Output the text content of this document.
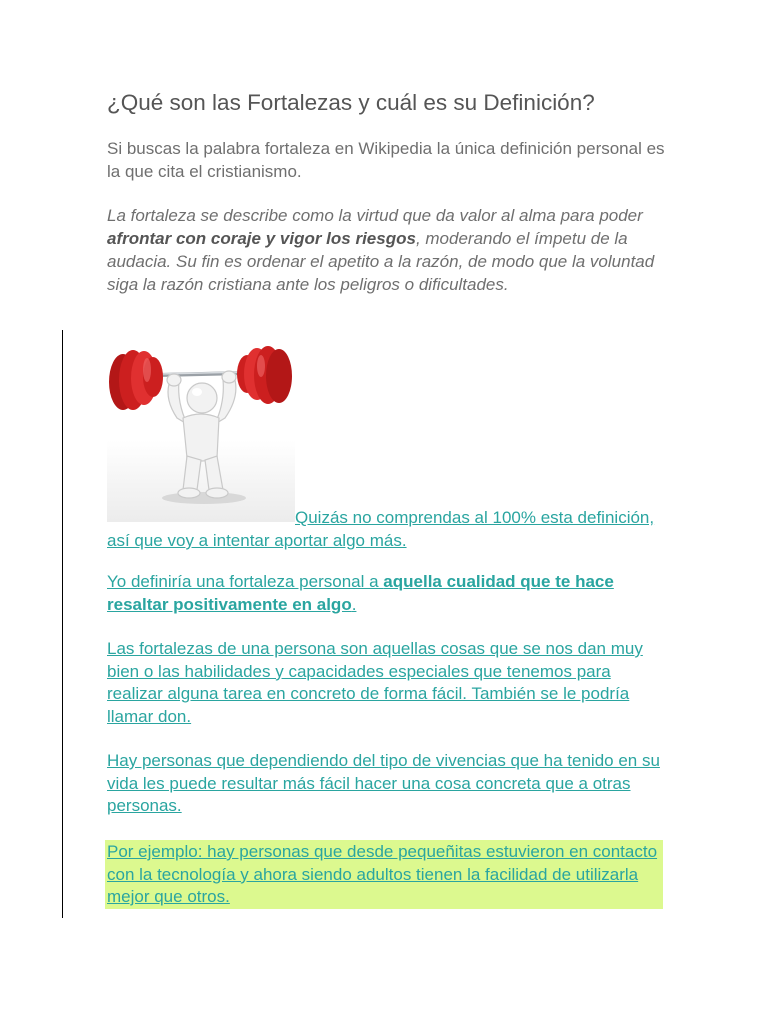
¿Qué son las Fortalezas y cuál es su Definición?

Si buscas la palabra fortaleza en Wikipedia la única definición personal es la que cita el cristianismo.

La fortaleza se describe como la virtud que da valor al alma para poder afrontar con coraje y vigor los riesgos, moderando el ímpetu de la audacia. Su fin es ordenar el apetito a la razón, de modo que la voluntad siga la razón cristiana ante los peligros o dificultades.

Quizás no comprendas al 100% esta definición, así que voy a intentar aportar algo más.

Yo definiría una fortaleza personal a aquella cualidad que te hace resaltar positivamente en algo.

Las fortalezas de una persona son aquellas cosas que se nos dan muy bien o las habilidades y capacidades especiales que tenemos para realizar alguna tarea en concreto de forma fácil. También se le podría llamar don.

Hay personas que dependiendo del tipo de vivencias que ha tenido en su vida les puede resultar más fácil hacer una cosa concreta que a otras personas.

Por ejemplo: hay personas que desde pequeñitas estuvieron en contacto con la tecnología y ahora siendo adultos tienen la facilidad de utilizarla mejor que otros.
